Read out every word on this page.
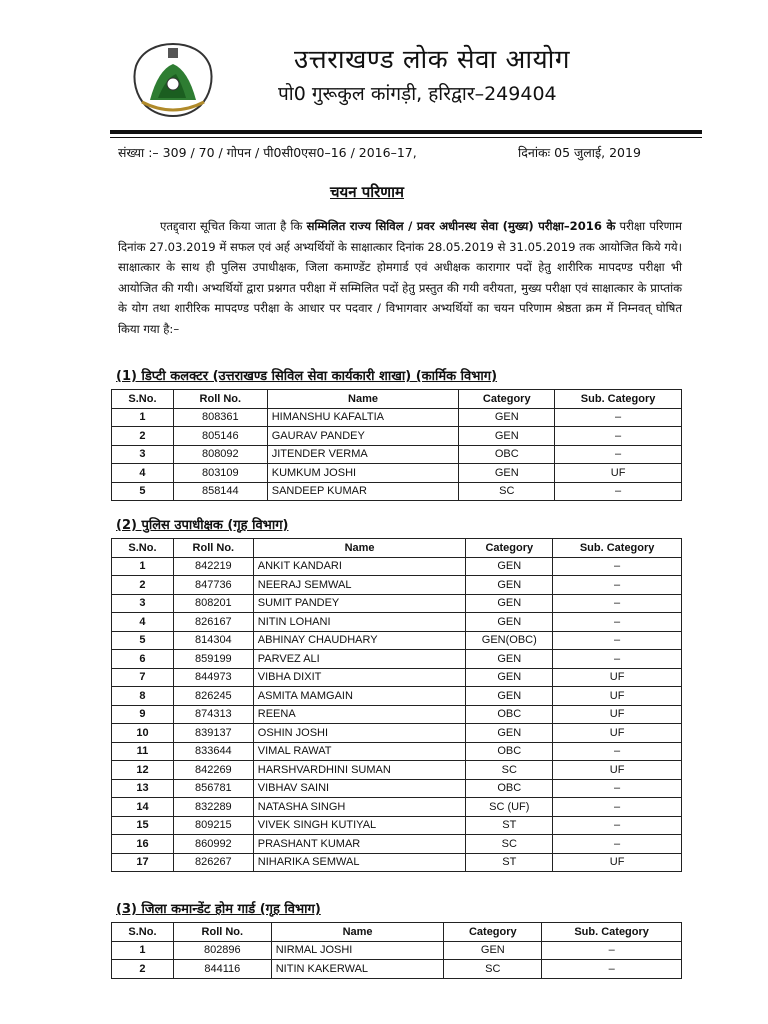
उत्तराखण्ड लोक सेवा आयोग
पो0 गुरूकुल कांगड़ी, हरिद्वार–249404
संख्या :– 309 / 70 / गोपन / पी0सी0एस0–16 / 2016–17,	दिनांकः 05 जुलाई, 2019
चयन परिणाम
एतद्द्वारा सूचित किया जाता है कि सम्मिलित राज्य सिविल / प्रवर अधीनस्थ सेवा (मुख्य) परीक्षा–2016 के परीक्षा परिणाम दिनांक 27.03.2019 में सफल एवं अर्ह अभ्यर्थियों के साक्षात्कार दिनांक 28.05.2019 से 31.05.2019 तक आयोजित किये गये। साक्षात्कार के साथ ही पुलिस उपाधीक्षक, जिला कमाण्डेंट होमगार्ड एवं अधीक्षक कारागार पदों हेतु शारीरिक मापदण्ड परीक्षा भी आयोजित की गयी। अभ्यर्थियों द्वारा प्रश्नगत परीक्षा में सम्मिलित पदों हेतु प्रस्तुत की गयी वरीयता, मुख्य परीक्षा एवं साक्षात्कार के प्राप्तांक के योग तथा शारीरिक मापदण्ड परीक्षा के आधार पर पदवार / विभागवार अभ्यर्थियों का चयन परिणाम श्रेष्ठता क्रम में निम्नवत् घोषित किया गया है:–
(1) डिप्टी कलक्टर (उत्तराखण्ड सिविल सेवा कार्यकारी शाखा) (कार्मिक विभाग)
S.No.	Roll No.	Name	Category	Sub. Category
1	808361	HIMANSHU KAFALTIA	GEN	–
2	805146	GAURAV PANDEY	GEN	–
3	808092	JITENDER VERMA	OBC	–
4	803109	KUMKUM JOSHI	GEN	UF
5	858144	SANDEEP KUMAR	SC	–
(2) पुलिस उपाधीक्षक (गृह विभाग)
S.No.	Roll No.	Name	Category	Sub. Category
1	842219	ANKIT KANDARI	GEN	–
2	847736	NEERAJ SEMWAL	GEN	–
3	808201	SUMIT PANDEY	GEN	–
4	826167	NITIN LOHANI	GEN	–
5	814304	ABHINAY CHAUDHARY	GEN(OBC)	–
6	859199	PARVEZ ALI	GEN	–
7	844973	VIBHA DIXIT	GEN	UF
8	826245	ASMITA MAMGAIN	GEN	UF
9	874313	REENA	OBC	UF
10	839137	OSHIN JOSHI	GEN	UF
11	833644	VIMAL RAWAT	OBC	–
12	842269	HARSHVARDHINI SUMAN	SC	UF
13	856781	VIBHAV SAINI	OBC	–
14	832289	NATASHA SINGH	SC (UF)	–
15	809215	VIVEK SINGH KUTIYAL	ST	–
16	860992	PRASHANT KUMAR	SC	–
17	826267	NIHARIKA SEMWAL	ST	UF
(3) जिला कमान्डेंट होम गार्ड (गृह विभाग)
S.No.	Roll No.	Name	Category	Sub. Category
1	802896	NIRMAL JOSHI	GEN	–
2	844116	NITIN KAKERWAL	SC	–
